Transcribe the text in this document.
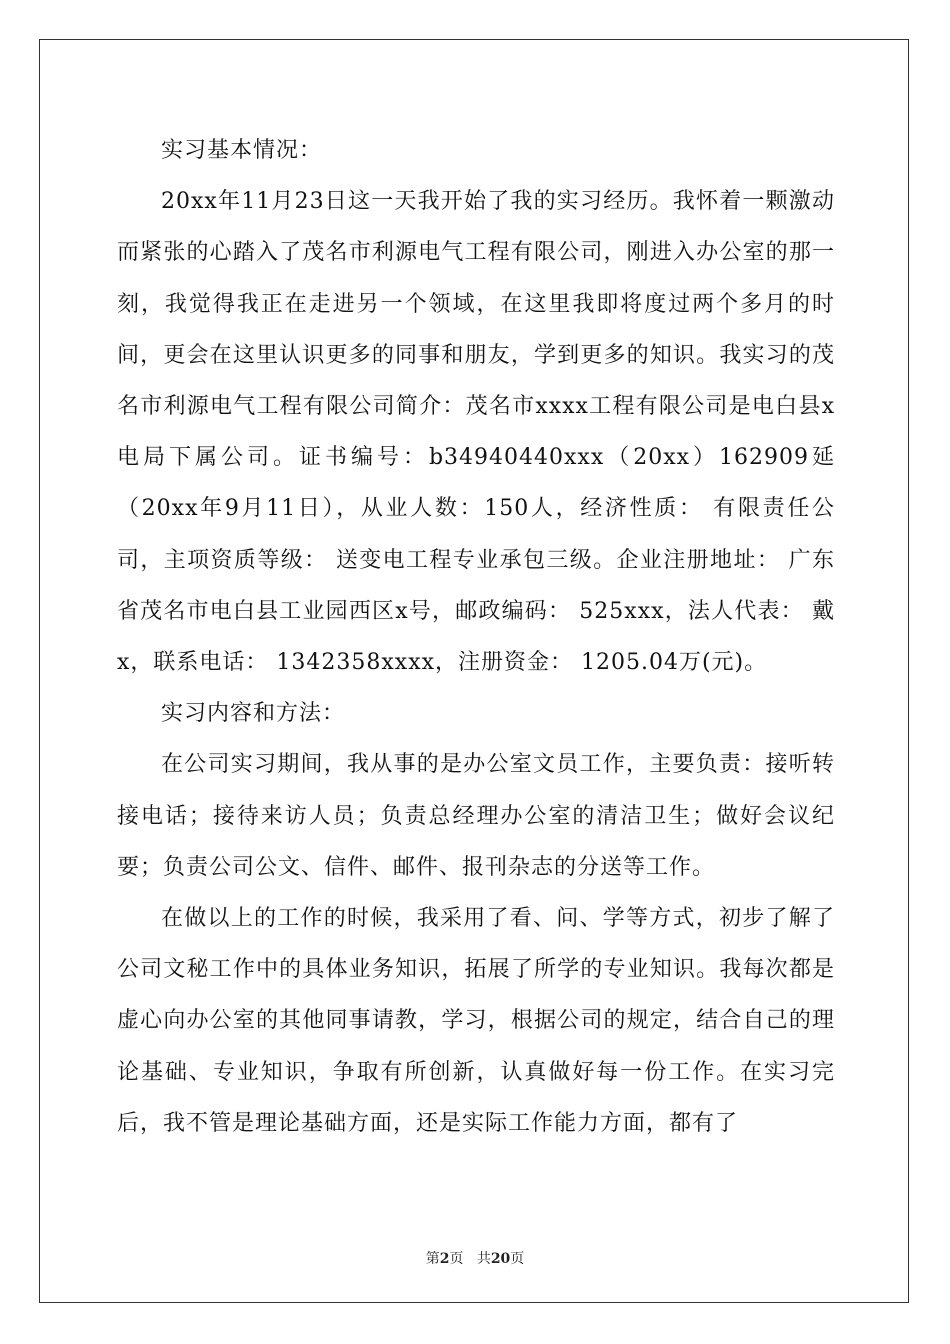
实习基本情况：

20xx年11月23日这一天我开始了我的实习经历。我怀着一颗激动而紧张的心踏入了茂名市利源电气工程有限公司，刚进入办公室的那一刻，我觉得我正在走进另一个领域，在这里我即将度过两个多月的时间，更会在这里认识更多的同事和朋友，学到更多的知识。我实习的茂名市利源电气工程有限公司简介：茂名市xxxx工程有限公司是电白县x电局下属公司。证书编号：b34940440xxx（20xx）162909延（20xx年9月11日），从业人数：150人，经济性质： 有限责任公司，主项资质等级： 送变电工程专业承包三级。企业注册地址： 广东省茂名市电白县工业园西区x号，邮政编码： 525xxx，法人代表： 戴x，联系电话： 1342358xxxx，注册资金： 1205.04万(元)。

实习内容和方法：

在公司实习期间，我从事的是办公室文员工作，主要负责：接听转接电话；接待来访人员；负责总经理办公室的清洁卫生；做好会议纪要；负责公司公文、信件、邮件、报刊杂志的分送等工作。

在做以上的工作的时候，我采用了看、问、学等方式，初步了解了公司文秘工作中的具体业务知识，拓展了所学的专业知识。我每次都是虚心向办公室的其他同事请教，学习，根据公司的规定，结合自己的理论基础、专业知识，争取有所创新，认真做好每一份工作。在实习完后，我不管是理论基础方面，还是实际工作能力方面，都有了

第2页 共20页
